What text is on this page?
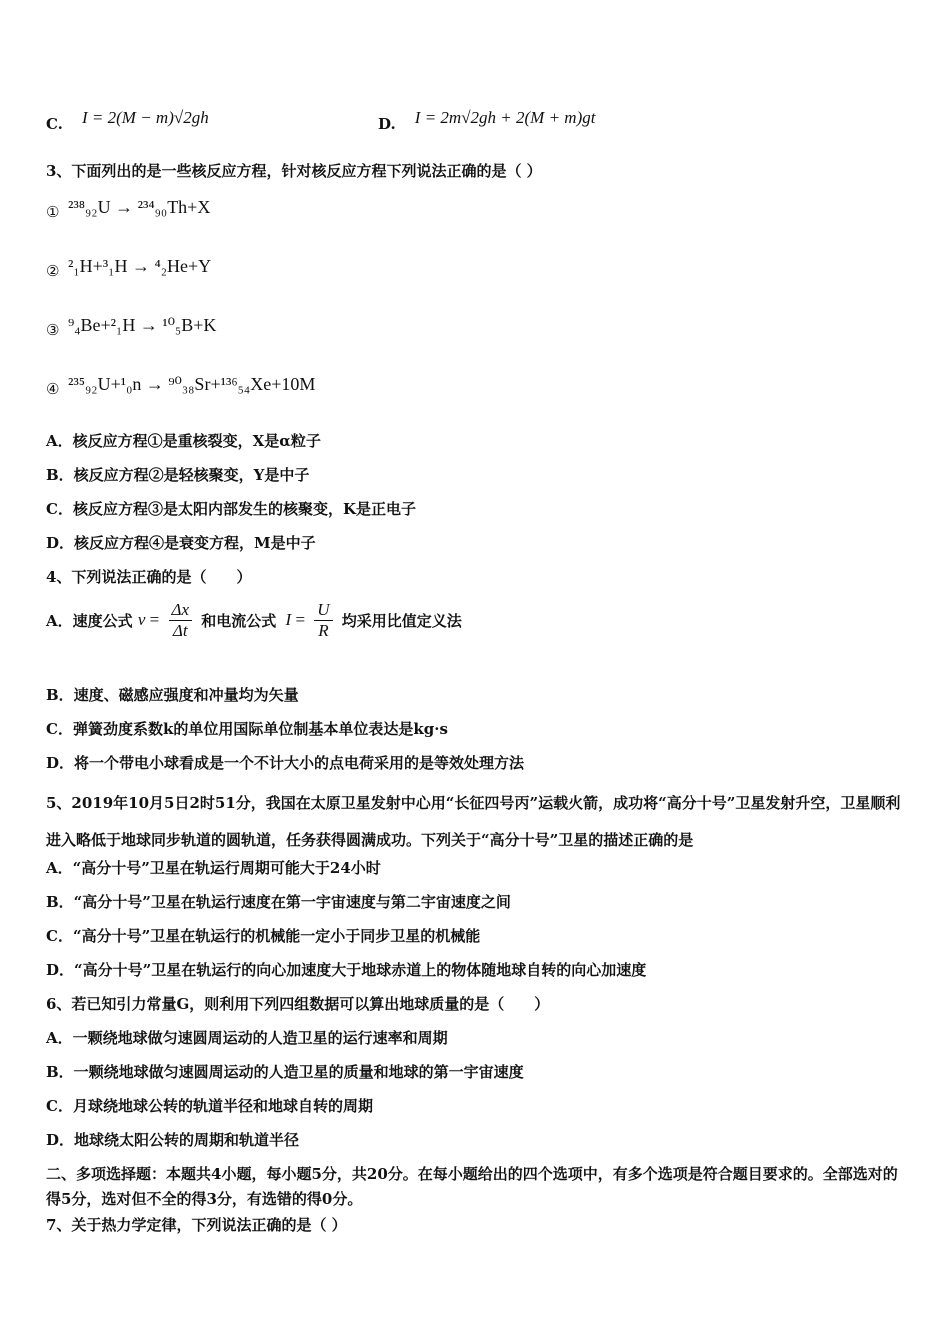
C. I = 2(M − m)√2gh	D. I = 2m√2gh + 2(M + m)gt
3、下面列出的是一些核反应方程，针对核反应方程下列说法正确的是（ ）
$_①$ ²³⁸₉₂U → ²³⁴₉₀Th+X
$_②$ ²₁H+³₁H → ⁴₂He+Y
$_③$ ⁹₄Be+²₁H → ¹⁰₅B+K
$_④$ ²³⁵₉₂U+¹₀n → ⁹⁰₃₈Sr+¹³⁶₅₄Xe+10M
A．核反应方程①是重核裂变，X是α粒子
B．核反应方程②是轻核聚变，Y是中子
C．核反应方程③是太阳内部发生的核聚变，K是正电子
D．核反应方程④是衰变方程，M是中子
4、下列说法正确的是（　　）
A．速度公式 $v = \frac{\Delta x}{\Delta t}$ 和电流公式 $I = \frac{U}{R}$ 均采用比值定义法
B．速度、磁感应强度和冲量均为矢量
C．弹簧劲度系数k的单位用国际单位制基本单位表达是kg·s
D．将一个带电小球看成是一个不计大小的点电荷采用的是等效处理方法
5、2019年10月5日2时51分，我国在太原卫星发射中心用“长征四号丙”运载火箭，成功将“高分十号”卫星发射升空，卫星顺利进入略低于地球同步轨道的圆轨道，任务获得圆满成功。下列关于“高分十号”卫星的描述正确的是
A．“高分十号”卫星在轨运行周期可能大于24小时
B．“高分十号”卫星在轨运行速度在第一宇宙速度与第二宇宙速度之间
C．“高分十号”卫星在轨运行的机械能一定小于同步卫星的机械能
D．“高分十号”卫星在轨运行的向心加速度大于地球赤道上的物体随地球自转的向心加速度
6、若已知引力常量G，则利用下列四组数据可以算出地球质量的是（　　）
A．一颗绕地球做匀速圆周运动的人造卫星的运行速率和周期
B．一颗绕地球做匀速圆周运动的人造卫星的质量和地球的第一宇宙速度
C．月球绕地球公转的轨道半径和地球自转的周期
D．地球绕太阳公转的周期和轨道半径
二、多项选择题：本题共4小题，每小题5分，共20分。在每小题给出的四个选项中，有多个选项是符合题目要求的。全部选对的得5分，选对但不全的得3分，有选错的得0分。
7、关于热力学定律，下列说法正确的是（ ）
